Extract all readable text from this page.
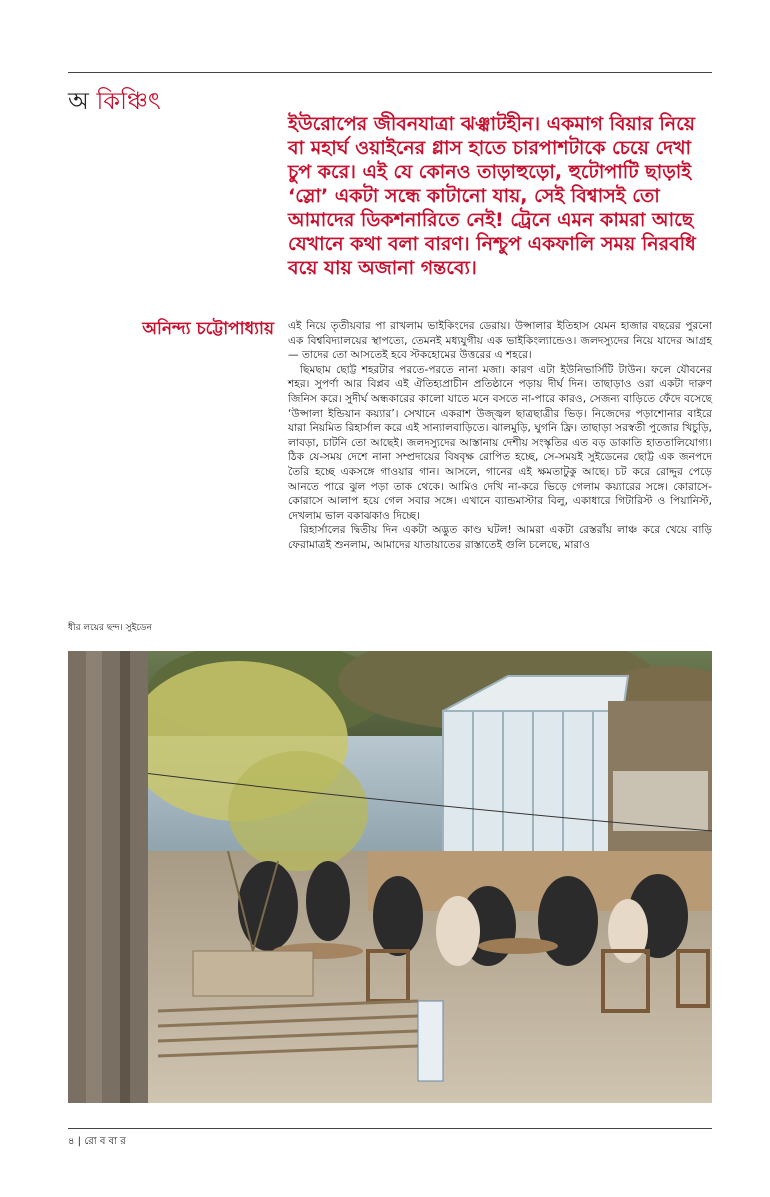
অ কিঞ্চিৎ

ইউরোপের জীবনযাত্রা ঝঞ্ঝাটহীন। একমাগ বিয়ার নিয়ে বা মহার্ঘ ওয়াইনের গ্লাস হাতে চারপাশটাকে চেয়ে দেখা চুপ করে। এই যে কোনও তাড়াহুড়ো, হুটোপাটি ছাড়াই ‘স্লো’ একটা সন্ধে কাটানো যায়, সেই বিশ্বাসই তো আমাদের ডিকশনারিতে নেই! ট্রেনে এমন কামরা আছে যেখানে কথা বলা বারণ। নিশ্চুপ একফালি সময় নিরবধি বয়ে যায় অজানা গন্তব্যে।

অনিন্দ্য চট্টোপাধ্যায় এই নিয়ে তৃতীয়বার পা রাখলাম ভাইকিংদের ডেরায়। উপ্সালার ইতিহাস যেমন হাজার বছরের পুরনো এক বিশ্ববিদ্যালয়ের স্থাপত্যে, তেমনই মধ্যযুগীয় এক ভাইকিংল্যান্ডেও। জলদস্যুদের নিয়ে যাদের আগ্রহ— তাদের তো আসতেই হবে স্টকহোমের উত্তরের এ শহরে।

ছিমছাম ছোট্ট শহরটার পরতে-পরতে নানা মজা। কারণ এটা ইউনিভার্সিটি টাউন। ফলে যৌবনের শহর। সুপর্ণা আর বিপ্লব এই ঐতিহ্যপ্রাচীন প্রতিষ্ঠানে পড়ায় দীর্ঘ দিন। তাছাড়াও ওরা একটা দারুণ জিনিস করে। সুদীর্ঘ অন্ধকারের কালো যাতে মনে বসতে না-পারে কারও, সেজন্য বাড়িতে ফেঁদে বসেছে ‘উপ্সালা ইন্ডিয়ান কয়্যার’। সেখানে একরাশ উজ্জ্বল ছাত্রছাত্রীর ভিড়। নিজেদের পড়াশোনার বাইরে যারা নিয়মিত রিহার্সাল করে এই সান্যালবাড়িতে। ঝালমুড়ি, ঘুগনি ফ্রি। তাছাড়া সরস্বতী পুজোর খিচুড়ি, লাবড়া, চাটনি তো আছেই। জলদস্যুদের আস্তানায় দেশীয় সংস্কৃতির এত বড় ডাকাতি হাততালিযোগ্য। ঠিক যে-সময় দেশে নানা সম্প্রদায়ের বিষবৃক্ষ রোপিত হচ্ছে, সে-সময়ই সুইডেনের ছোট্ট এক জনপদে তৈরি হচ্ছে একসঙ্গে গাওয়ার গান। আসলে, গানের এই ক্ষমতাটুকু আছে। চট করে রোদ্দুর পেড়ে আনতে পারে ঝুল পড়া তাক থেকে। আমিও দেখি না-করে ভিড়ে গেলাম কয়্যারের সঙ্গে। কোরাসে-কোরাসে আলাপ হয়ে গেল সবার সঙ্গে। এখানে ব্যান্ডমাস্টার বিলু, একাধারে গিটারিস্ট ও পিয়ানিস্ট, দেখলাম ভাল বকাঝকাও দিচ্ছে।

রিহার্সালের দ্বিতীয় দিন একটা অদ্ভুত কাণ্ড ঘটল! আমরা একটা রেস্তরাঁয় লাঞ্চ করে খেয়ে বাড়ি ফেরামাত্রই শুনলাম, আমাদের যাতায়াতের রাস্তাতেই গুলি চলেছে, মারাও

ধীর লয়ের ছন্দ। সুইডেন
৪ | রো ব বা র
